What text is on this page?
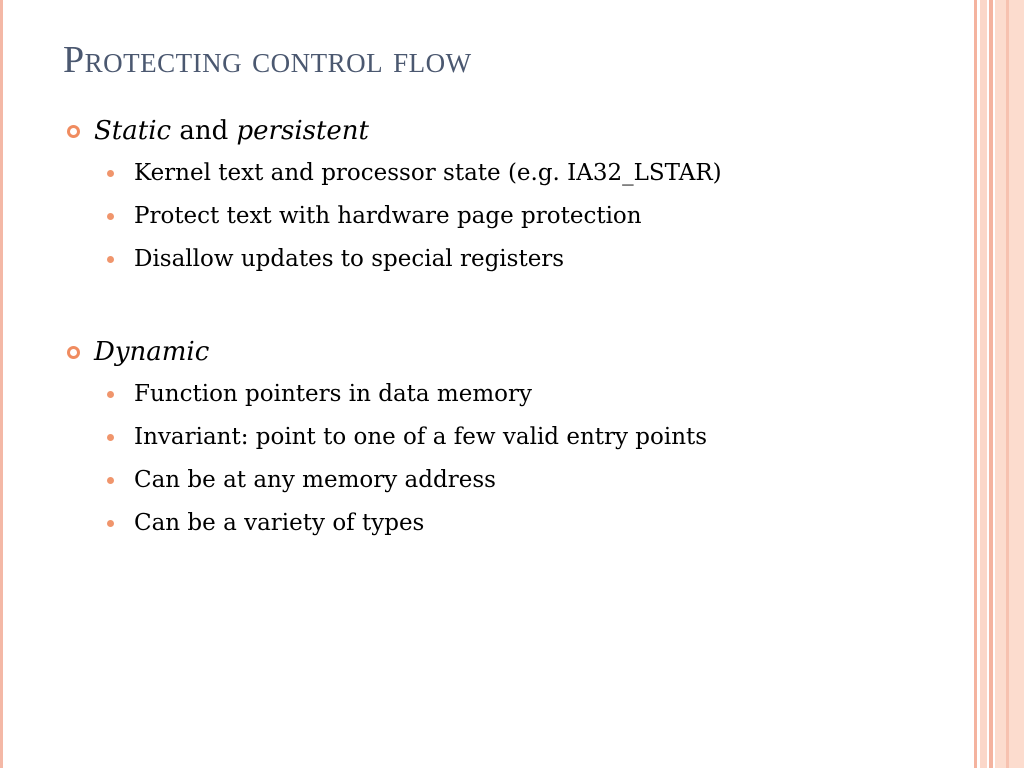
Protecting control flow
Static and persistent
Kernel text and processor state (e.g. IA32_LSTAR)
Protect text with hardware page protection
Disallow updates to special registers
Dynamic
Function pointers in data memory
Invariant: point to one of a few valid entry points
Can be at any memory address
Can be a variety of types
